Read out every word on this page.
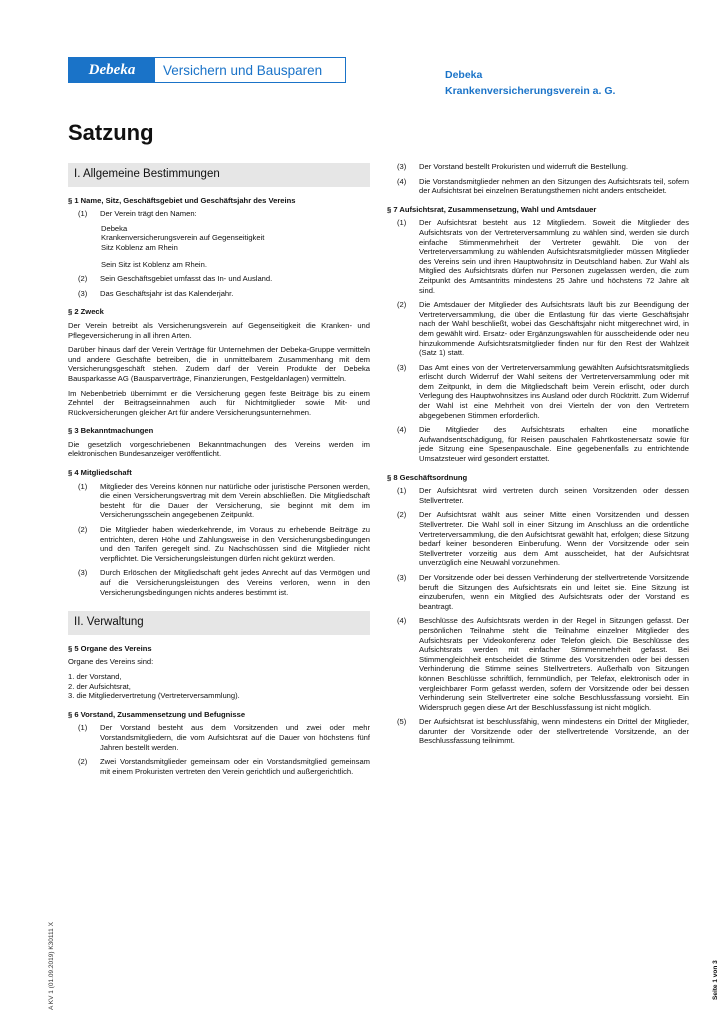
Debeka	Versichern und Bausparen	Debeka
Krankenversicherungsverein a. G.
Satzung
I. Allgemeine Bestimmungen
§ 1 Name, Sitz, Geschäftsgebiet und Geschäftsjahr des Vereins
(1)	Der Verein trägt den Namen:
Debeka
Krankenversicherungsverein auf Gegenseitigkeit
Sitz Koblenz am Rhein

Sein Sitz ist Koblenz am Rhein.

(2)	Sein Geschäftsgebiet umfasst das In- und Ausland.
(3)	Das Geschäftsjahr ist das Kalenderjahr.
§ 2 Zweck

Der Verein betreibt als Versicherungsverein auf Gegenseitigkeit die Kranken- und Pflegeversicherung in all ihren Arten.

Darüber hinaus darf der Verein Verträge für Unternehmen der Debeka-Gruppe vermitteln und andere Geschäfte betreiben, die in unmittelbarem Zusammenhang mit dem Versicherungsgeschäft stehen. Zudem darf der Verein Produkte der Debeka Bausparkasse AG (Bausparverträge, Finanzierungen, Festgeldanlagen) vermitteln.

Im Nebenbetrieb übernimmt er die Versicherung gegen feste Beiträge bis zu einem Zehntel der Beitragseinnahmen auch für Nichtmitglieder sowie Mit- und Rückversicherungen gleicher Art für andere Versicherungsunternehmen.

§ 3 Bekanntmachungen

Die gesetzlich vorgeschriebenen Bekanntmachungen des Vereins werden im elektronischen Bundesanzeiger veröffentlicht.

§ 4 Mitgliedschaft
(1)	Mitglieder des Vereins können nur natürliche oder juristische Personen werden, die einen Versicherungsvertrag mit dem Verein abschließen. Die Mitgliedschaft besteht für die Dauer der Versicherung, sie beginnt mit dem im Versicherungsschein angegebenen Zeitpunkt.
(2)	Die Mitglieder haben wiederkehrende, im Voraus zu erhebende Beiträge zu entrichten, deren Höhe und Zahlungsweise in den Versicherungsbedingungen und den Tarifen geregelt sind. Zu Nachschüssen sind die Mitglieder nicht verpflichtet. Die Versicherungsleistungen dürfen nicht gekürzt werden.
(3)	Durch Erlöschen der Mitgliedschaft geht jedes Anrecht auf das Vermögen und auf die Versicherungsleistungen des Vereins verloren, wenn in den Versicherungsbedingungen nichts anderes bestimmt ist.
II. Verwaltung
§ 5 Organe des Vereins

Organe des Vereins sind:

1. der Vorstand,

2. der Aufsichtsrat,

3. die Mitgliedervertretung (Vertreterversammlung).

§ 6 Vorstand, Zusammensetzung und Befugnisse
(1)	Der Vorstand besteht aus dem Vorsitzenden und zwei oder mehr Vorstandsmitgliedern, die vom Aufsichtsrat auf die Dauer von höchstens fünf Jahren bestellt werden.
(2)	Zwei Vorstandsmitglieder gemeinsam oder ein Vorstandsmitglied gemeinsam mit einem Prokuristen vertreten den Verein gerichtlich und außergerichtlich.
(3)	Der Vorstand bestellt Prokuristen und widerruft die Bestellung.
(4)	Die Vorstandsmitglieder nehmen an den Sitzungen des Aufsichtsrats teil, sofern der Aufsichtsrat bei einzelnen Beratungsthemen nicht anders entscheidet.
§ 7 Aufsichtsrat, Zusammensetzung, Wahl und Amtsdauer
(1)	Der Aufsichtsrat besteht aus 12 Mitgliedern. Soweit die Mitglieder des Aufsichtsrats von der Vertreterversammlung zu wählen sind, werden sie durch einfache Stimmenmehrheit der Vertreter gewählt. Die von der Vertreterversammlung zu wählenden Aufsichtsratsmitglieder müssen Mitglieder des Vereins sein und ihren Hauptwohnsitz in Deutschland haben. Zur Wahl als Mitglied des Aufsichtsrats dürfen nur Personen zugelassen werden, die zum Zeitpunkt des Amtsantritts mindestens 25 Jahre und höchstens 72 Jahre alt sind.
(2)	Die Amtsdauer der Mitglieder des Aufsichtsrats läuft bis zur Beendigung der Vertreterversammlung, die über die Entlastung für das vierte Geschäftsjahr nach der Wahl beschließt, wobei das Geschäftsjahr nicht mitgerechnet wird, in dem gewählt wird. Ersatz- oder Ergänzungswahlen für ausscheidende oder neu hinzukommende Aufsichtsratsmitglieder finden nur für den Rest der Wahlzeit (Satz 1) statt.
(3)	Das Amt eines von der Vertreterversammlung gewählten Aufsichtsratsmitglieds erlischt durch Widerruf der Wahl seitens der Vertreterversammlung oder mit dem Zeitpunkt, in dem die Mitgliedschaft beim Verein erlischt, oder durch Verlegung des Hauptwohnsitzes ins Ausland oder durch Rücktritt. Zum Widerruf der Wahl ist eine Mehrheit von drei Vierteln der von den Vertretern abgegebenen Stimmen erforderlich.
(4)	Die Mitglieder des Aufsichtsrats erhalten eine monatliche Aufwandsentschädigung, für Reisen pauschalen Fahrtkostenersatz sowie für jede Sitzung eine Spesenpauschale. Eine gegebenenfalls zu entrichtende Umsatzsteuer wird gesondert erstattet.
§ 8 Geschäftsordnung
(1)	Der Aufsichtsrat wird vertreten durch seinen Vorsitzenden oder dessen Stellvertreter.
(2)	Der Aufsichtsrat wählt aus seiner Mitte einen Vorsitzenden und dessen Stellvertreter. Die Wahl soll in einer Sitzung im Anschluss an die ordentliche Vertreterversammlung, die den Aufsichtsrat gewählt hat, erfolgen; diese Sitzung bedarf keiner besonderen Einberufung. Wenn der Vorsitzende oder sein Stellvertreter vorzeitig aus dem Amt ausscheidet, hat der Aufsichtsrat unverzüglich eine Neuwahl vorzunehmen.
(3)	Der Vorsitzende oder bei dessen Verhinderung der stellvertretende Vorsitzende beruft die Sitzungen des Aufsichtsrats ein und leitet sie. Eine Sitzung ist einzuberufen, wenn ein Mitglied des Aufsichtsrats oder der Vorstand es beantragt.
(4)	Beschlüsse des Aufsichtsrats werden in der Regel in Sitzungen gefasst. Der persönlichen Teilnahme steht die Teilnahme einzelner Mitglieder des Aufsichtsrats per Videokonferenz oder Telefon gleich. Die Beschlüsse des Aufsichtsrats werden mit einfacher Stimmenmehrheit gefasst. Bei Stimmengleichheit entscheidet die Stimme des Vorsitzenden oder bei dessen Verhinderung die Stimme seines Stellvertreters. Außerhalb von Sitzungen können Beschlüsse schriftlich, fernmündlich, per Telefax, elektronisch oder in vergleichbarer Form gefasst werden, sofern der Vorsitzende oder bei dessen Verhinderung sein Stellvertreter eine solche Beschlussfassung vorsieht. Ein Widerspruch gegen diese Art der Beschlussfassung ist nicht möglich.
(5)	Der Aufsichtsrat ist beschlussfähig, wenn mindestens ein Drittel der Mitglieder, darunter der Vorsitzende oder der stellvertretende Vorsitzende, an der Beschlussfassung teilnimmt.
A KV 1 (01.09.2019) K30111 X	Seite 1 von 3
